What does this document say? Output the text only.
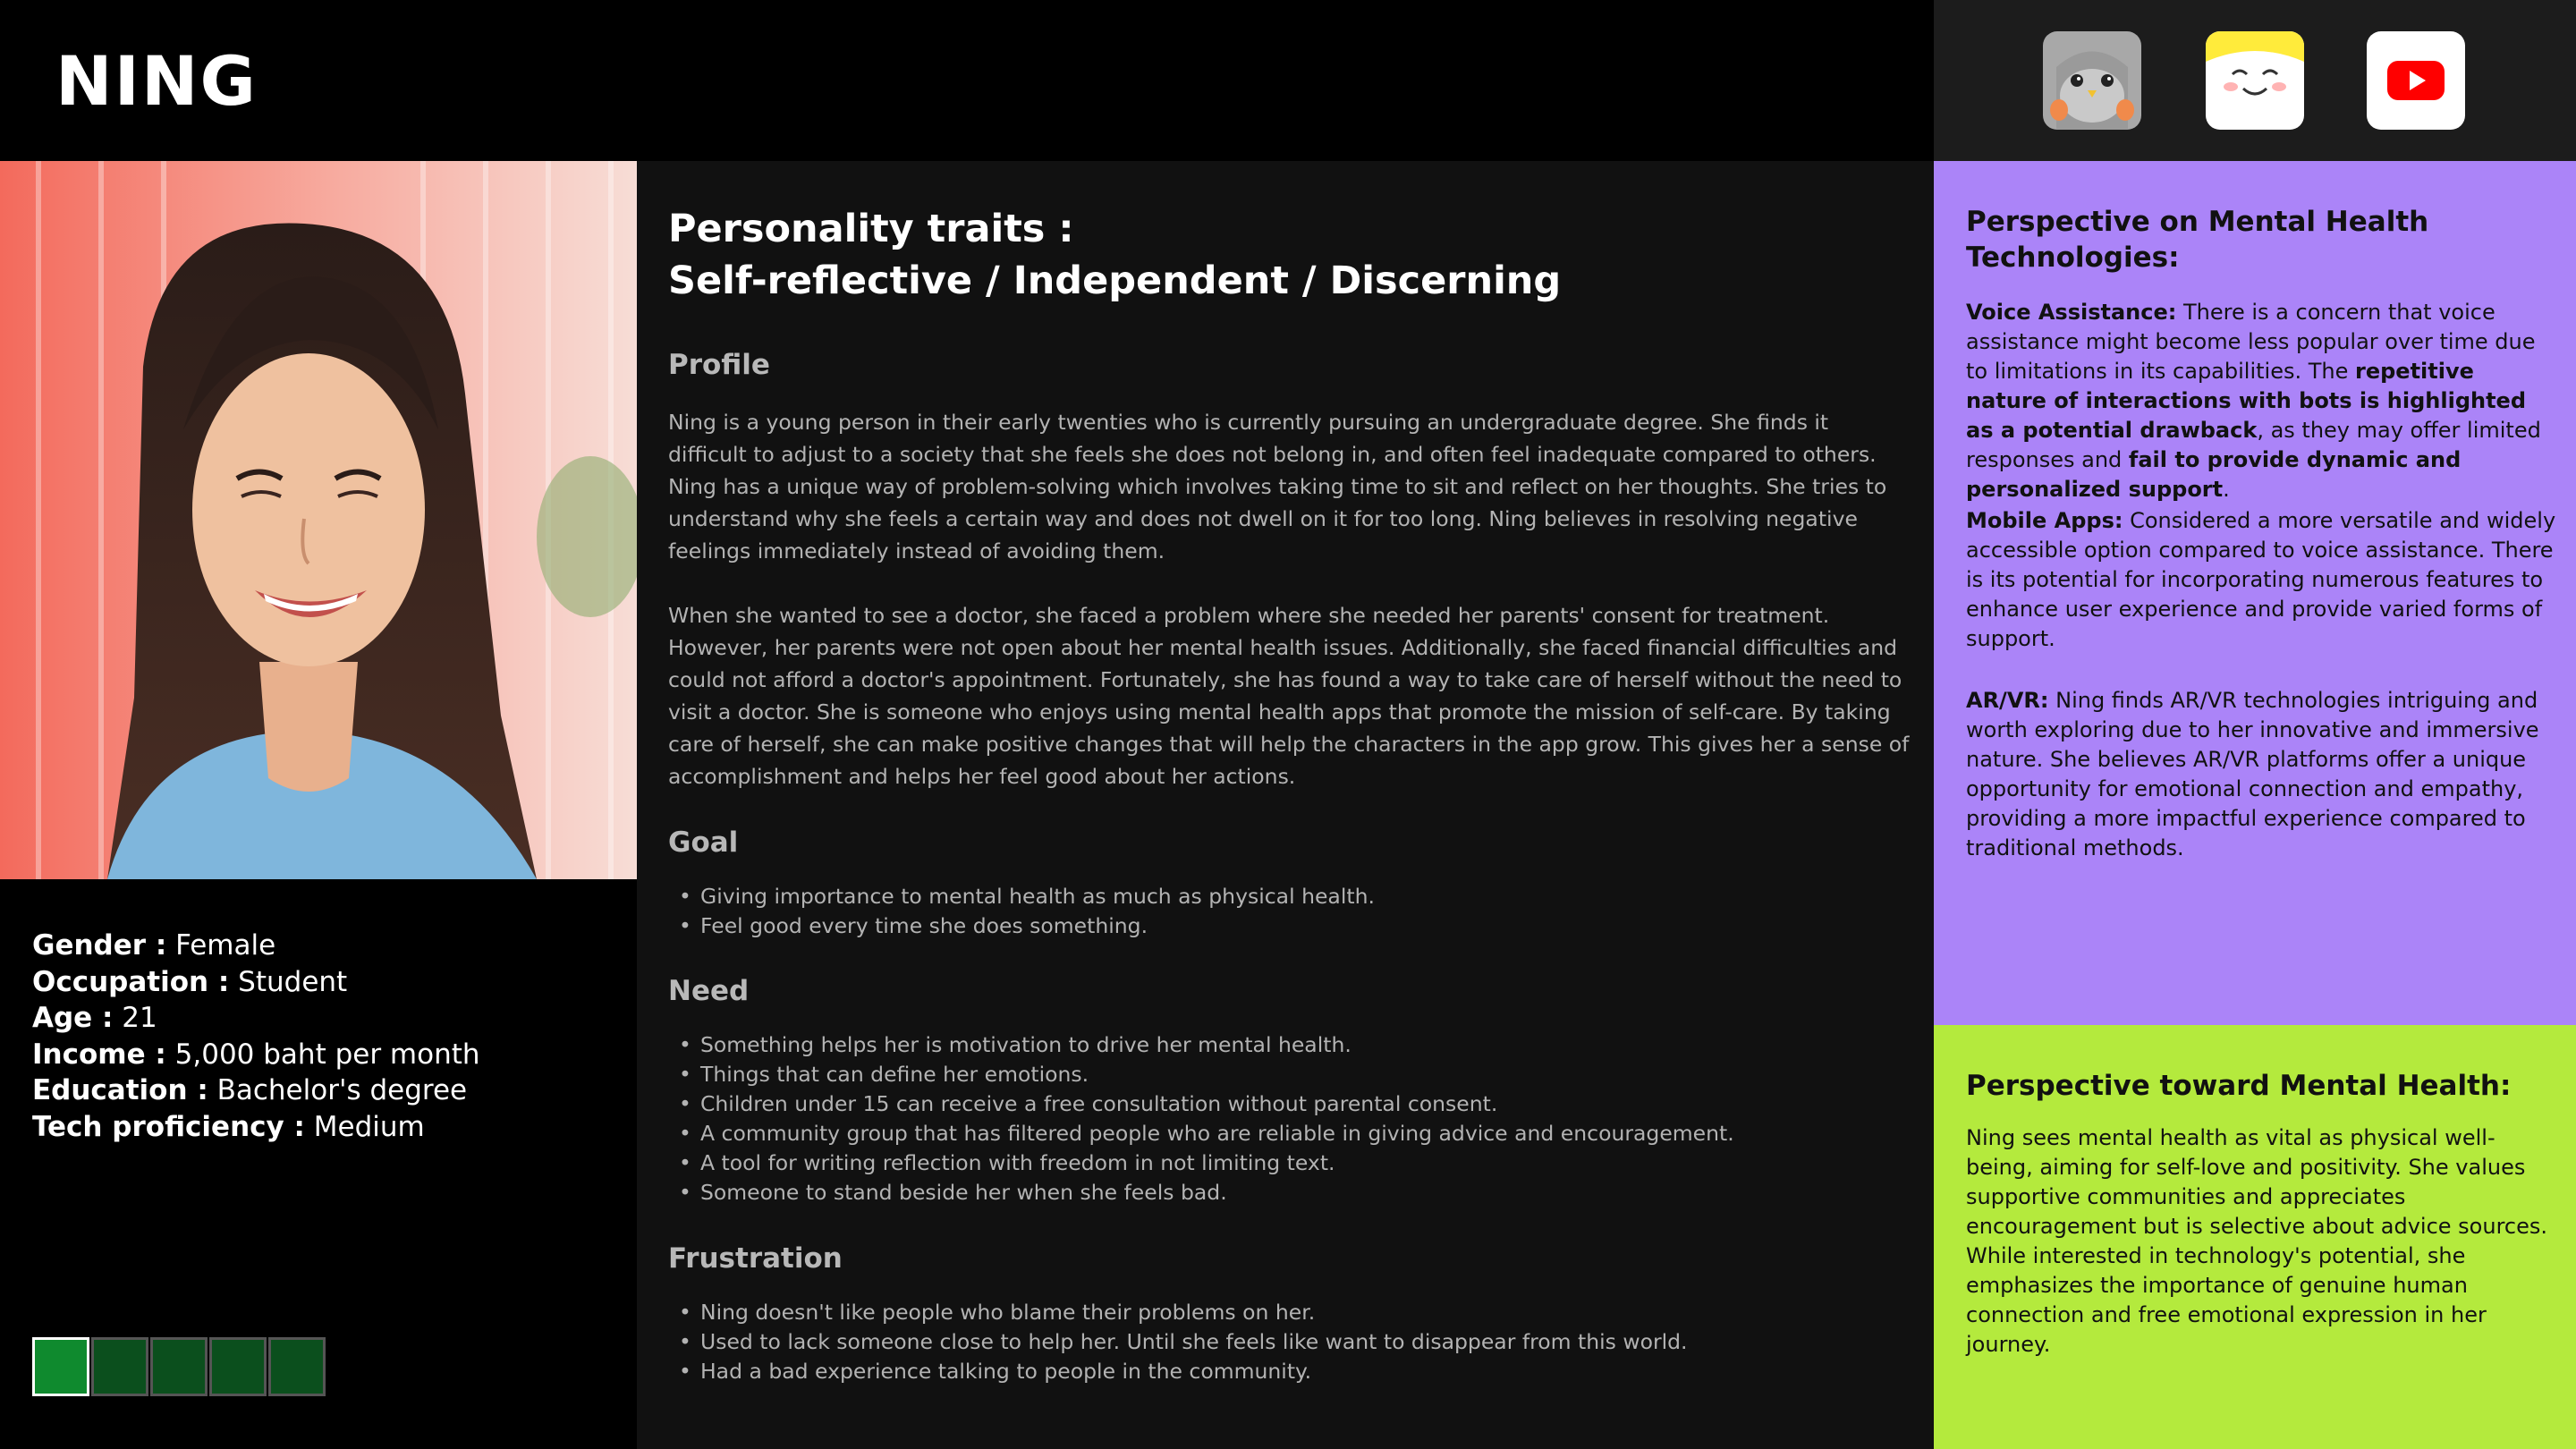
NING
Gender : Female
Occupation : Student
Age : 21
Income : 5,000 baht per month
Education : Bachelor's degree
Tech proficiency : Medium
Personality traits :
Self-reflective / Independent / Discerning
Profile
Ning is a young person in their early twenties who is currently pursuing an undergraduate degree. She finds it difficult to adjust to a society that she feels she does not belong in, and often feel inadequate compared to others. Ning has a unique way of problem-solving which involves taking time to sit and reflect on her thoughts. She tries to understand why she feels a certain way and does not dwell on it for too long. Ning believes in resolving negative feelings immediately instead of avoiding them.
When she wanted to see a doctor, she faced a problem where she needed her parents' consent for treatment. However, her parents were not open about her mental health issues. Additionally, she faced financial difficulties and could not afford a doctor's appointment. Fortunately, she has found a way to take care of herself without the need to visit a doctor. She is someone who enjoys using mental health apps that promote the mission of self-care. By taking care of herself, she can make positive changes that will help the characters in the app grow. This gives her a sense of accomplishment and helps her feel good about her actions.
Goal
• Giving importance to mental health as much as physical health.
• Feel good every time she does something.
Need
• Something helps her is motivation to drive her mental health.
• Things that can define her emotions.
• Children under 15 can receive a free consultation without parental consent.
• A community group that has filtered people who are reliable in giving advice and encouragement.
• A tool for writing reflection with freedom in not limiting text.
• Someone to stand beside her when she feels bad.
Frustration
• Ning doesn't like people who blame their problems on her.
• Used to lack someone close to help her. Until she feels like want to disappear from this world.
• Had a bad experience talking to people in the community.
Perspective on Mental Health
Technologies:
Voice Assistance: There is a concern that voice assistance might become less popular over time due to limitations in its capabilities. The repetitive nature of interactions with bots is highlighted as a potential drawback, as they may offer limited responses and fail to provide dynamic and personalized support.
Mobile Apps: Considered a more versatile and widely accessible option compared to voice assistance. There is its potential for incorporating numerous features to enhance user experience and provide varied forms of support.
AR/VR: Ning finds AR/VR technologies intriguing and worth exploring due to her innovative and immersive nature. She believes AR/VR platforms offer a unique opportunity for emotional connection and empathy, providing a more impactful experience compared to traditional methods.
Perspective toward Mental Health:
Ning sees mental health as vital as physical well-being, aiming for self-love and positivity. She values supportive communities and appreciates encouragement but is selective about advice sources. While interested in technology's potential, she emphasizes the importance of genuine human connection and free emotional expression in her journey.
